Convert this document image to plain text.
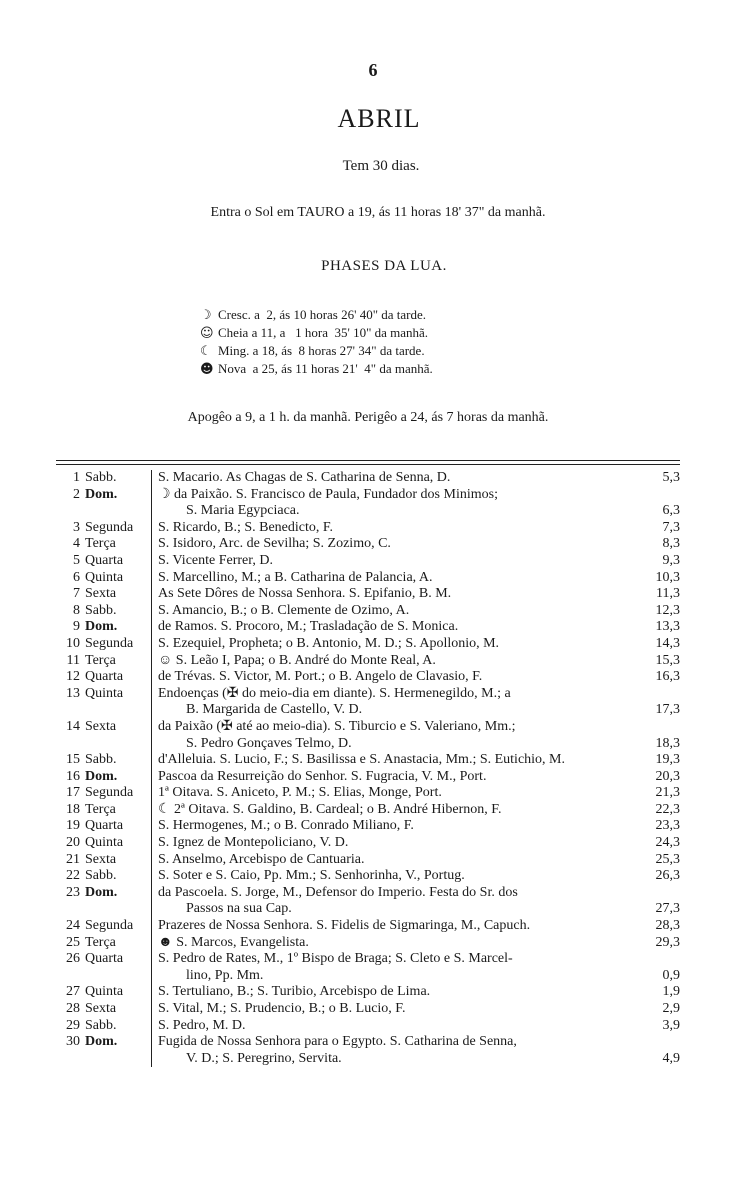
6
ABRIL
Tem 30 dias.
Entra o Sol em TAURO a 19, ás 11 horas 18' 37" da manhã.
PHASES DA LUA.
☽ Cresc. a  2, ás 10 horas 26' 40" da tarde.
☺ Cheia a 11, a   1 hora  35' 10" da manhã.
☾ Ming. a 18, ás  8 horas 27' 34" da tarde.
☻ Nova  a 25, ás 11 horas 21'  4" da manhã.
Apogêo a 9, a 1 h. da manhã. Perigêo a 24, ás 7 horas da manhã.
1 Sabb.	S. Macario. As Chagas de S. Catharina de Senna, D.	5,3
2 Dom.	☽ da Paixão. S. Francisco de Paula, Fundador dos Minimos;
S. Maria Egypciaca.	6,3
3 Segunda	S. Ricardo, B.; S. Benedicto, F.	7,3
4 Terça	S. Isidoro, Arc. de Sevilha; S. Zozimo, C.	8,3
5 Quarta	S. Vicente Ferrer, D.	9,3
6 Quinta	S. Marcellino, M.; a B. Catharina de Palancia, A.	10,3
7 Sexta	As Sete Dôres de Nossa Senhora. S. Epifanio, B. M.	11,3
8 Sabb.	S. Amancio, B.; o B. Clemente de Ozimo, A.	12,3
9 Dom.	de Ramos. S. Procoro, M.; Trasladação de S. Monica.	13,3
10 Segunda	S. Ezequiel, Propheta; o B. Antonio, M. D.; S. Apollonio, M.	14,3
11 Terça	☺ S. Leão I, Papa; o B. André do Monte Real, A.	15,3
12 Quarta	de Trévas. S. Victor, M. Port.; o B. Angelo de Clavasio, F.	16,3
13 Quinta	Endoenças (✠ do meio-dia em diante). S. Hermenegildo, M.; a
B. Margarida de Castello, V. D.	17,3
14 Sexta	da Paixão (✠ até ao meio-dia). S. Tiburcio e S. Valeriano, Mm.;
S. Pedro Gonçaves Telmo, D.	18,3
15 Sabb.	d'Alleluia. S. Lucio, F.; S. Basilissa e S. Anastacia, Mm.; S. Eutichio, M.	19,3
16 Dom.	Pascoa da Resurreição do Senhor. S. Fugracia, V. M., Port.	20,3
17 Segunda	1ª Oitava. S. Aniceto, P. M.; S. Elias, Monge, Port.	21,3
18 Terça	☾ 2ª Oitava. S. Galdino, B. Cardeal; o B. André Hibernon, F.	22,3
19 Quarta	S. Hermogenes, M.; o B. Conrado Miliano, F.	23,3
20 Quinta	S. Ignez de Montepoliciano, V. D.	24,3
21 Sexta	S. Anselmo, Arcebispo de Cantuaria.	25,3
22 Sabb.	S. Soter e S. Caio, Pp. Mm.; S. Senhorinha, V., Portug.	26,3
23 Dom.	da Pascoela. S. Jorge, M., Defensor do Imperio. Festa do Sr. dos
Passos na sua Cap.	27,3
24 Segunda	Prazeres de Nossa Senhora. S. Fidelis de Sigmaringa, M., Capuch.	28,3
25 Terça	☻ S. Marcos, Evangelista.	29,3
26 Quarta	S. Pedro de Rates, M., 1º Bispo de Braga; S. Cleto e S. Marcel-
lino, Pp. Mm.	0,9
27 Quinta	S. Tertuliano, B.; S. Turibio, Arcebispo de Lima.	1,9
28 Sexta	S. Vital, M.; S. Prudencio, B.; o B. Lucio, F.	2,9
29 Sabb.	S. Pedro, M. D.	3,9
30 Dom.	Fugida de Nossa Senhora para o Egypto. S. Catharina de Senna,
V. D.; S. Peregrino, Servita.	4,9
